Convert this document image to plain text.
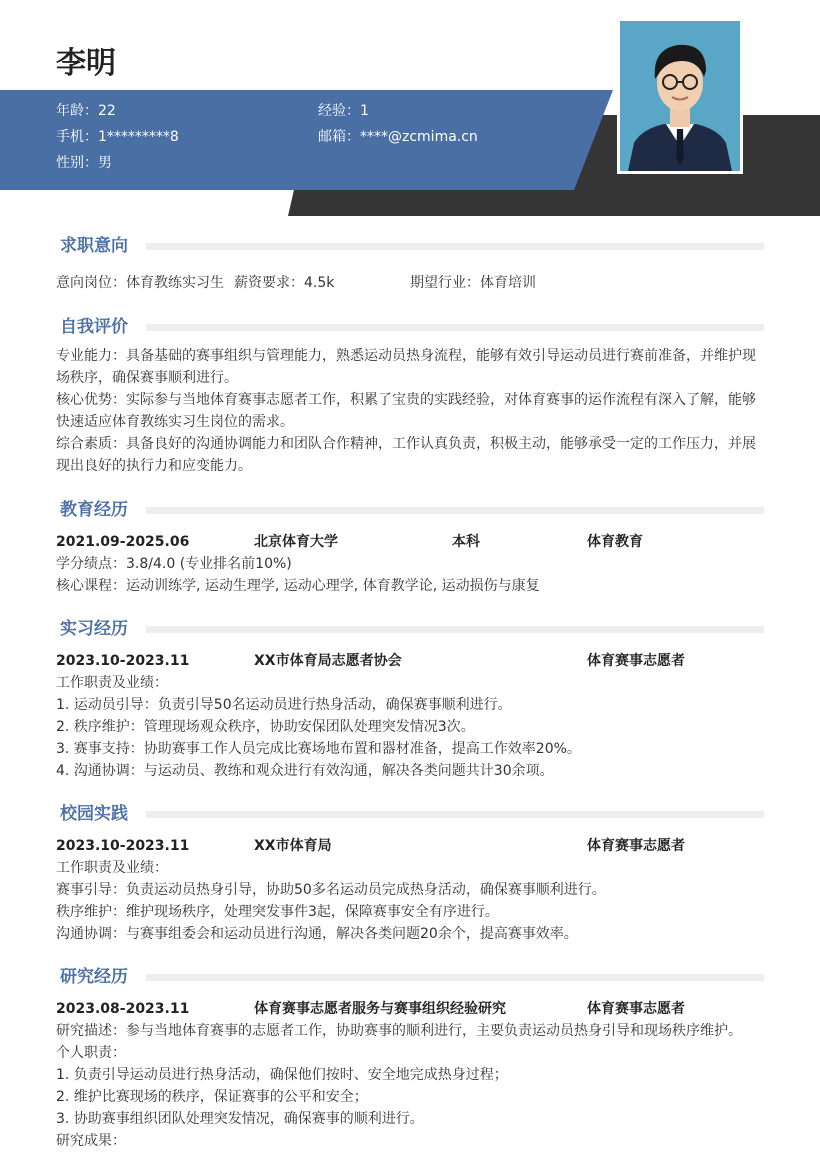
李明
年龄：22	经验：1
手机：1*********8	邮箱：****@zcmima.cn
性别：男
求职意向
意向岗位：体育教练实习生 薪资要求：4.5k	期望行业：体育培训
自我评价

专业能力：具备基础的赛事组织与管理能力，熟悉运动员热身流程，能够有效引导运动员进行赛前准备，并维护现

场秩序，确保赛事顺利进行。

核心优势：实际参与当地体育赛事志愿者工作，积累了宝贵的实践经验，对体育赛事的运作流程有深入了解，能够

快速适应体育教练实习生岗位的需求。

综合素质：具备良好的沟通协调能力和团队合作精神，工作认真负责，积极主动，能够承受一定的工作压力，并展

现出良好的执行力和应变能力。

教育经历
2021.09-2025.06	北京体育大学	本科	体育教育

学分绩点：3.8/4.0 (专业排名前10%)

核心课程：运动训练学, 运动生理学, 运动心理学, 体育教学论, 运动损伤与康复

实习经历
2023.10-2023.11	XX市体育局志愿者协会	体育赛事志愿者

工作职责及业绩：

1. 运动员引导：负责引导50名运动员进行热身活动，确保赛事顺利进行。

2. 秩序维护：管理现场观众秩序，协助安保团队处理突发情况3次。

3. 赛事支持：协助赛事工作人员完成比赛场地布置和器材准备，提高工作效率20%。

4. 沟通协调：与运动员、教练和观众进行有效沟通，解决各类问题共计30余项。

校园实践
2023.10-2023.11	XX市体育局	体育赛事志愿者

工作职责及业绩：

赛事引导：负责运动员热身引导，协助50多名运动员完成热身活动，确保赛事顺利进行。

秩序维护：维护现场秩序，处理突发事件3起，保障赛事安全有序进行。

沟通协调：与赛事组委会和运动员进行沟通，解决各类问题20余个，提高赛事效率。

研究经历
2023.08-2023.11	体育赛事志愿者服务与赛事组织经验研究	体育赛事志愿者

研究描述：参与当地体育赛事的志愿者工作，协助赛事的顺利进行，主要负责运动员热身引导和现场秩序维护。

个人职责：

1. 负责引导运动员进行热身活动，确保他们按时、安全地完成热身过程；

2. 维护比赛现场的秩序，保证赛事的公平和安全；

3. 协助赛事组织团队处理突发情况，确保赛事的顺利进行。

研究成果：
